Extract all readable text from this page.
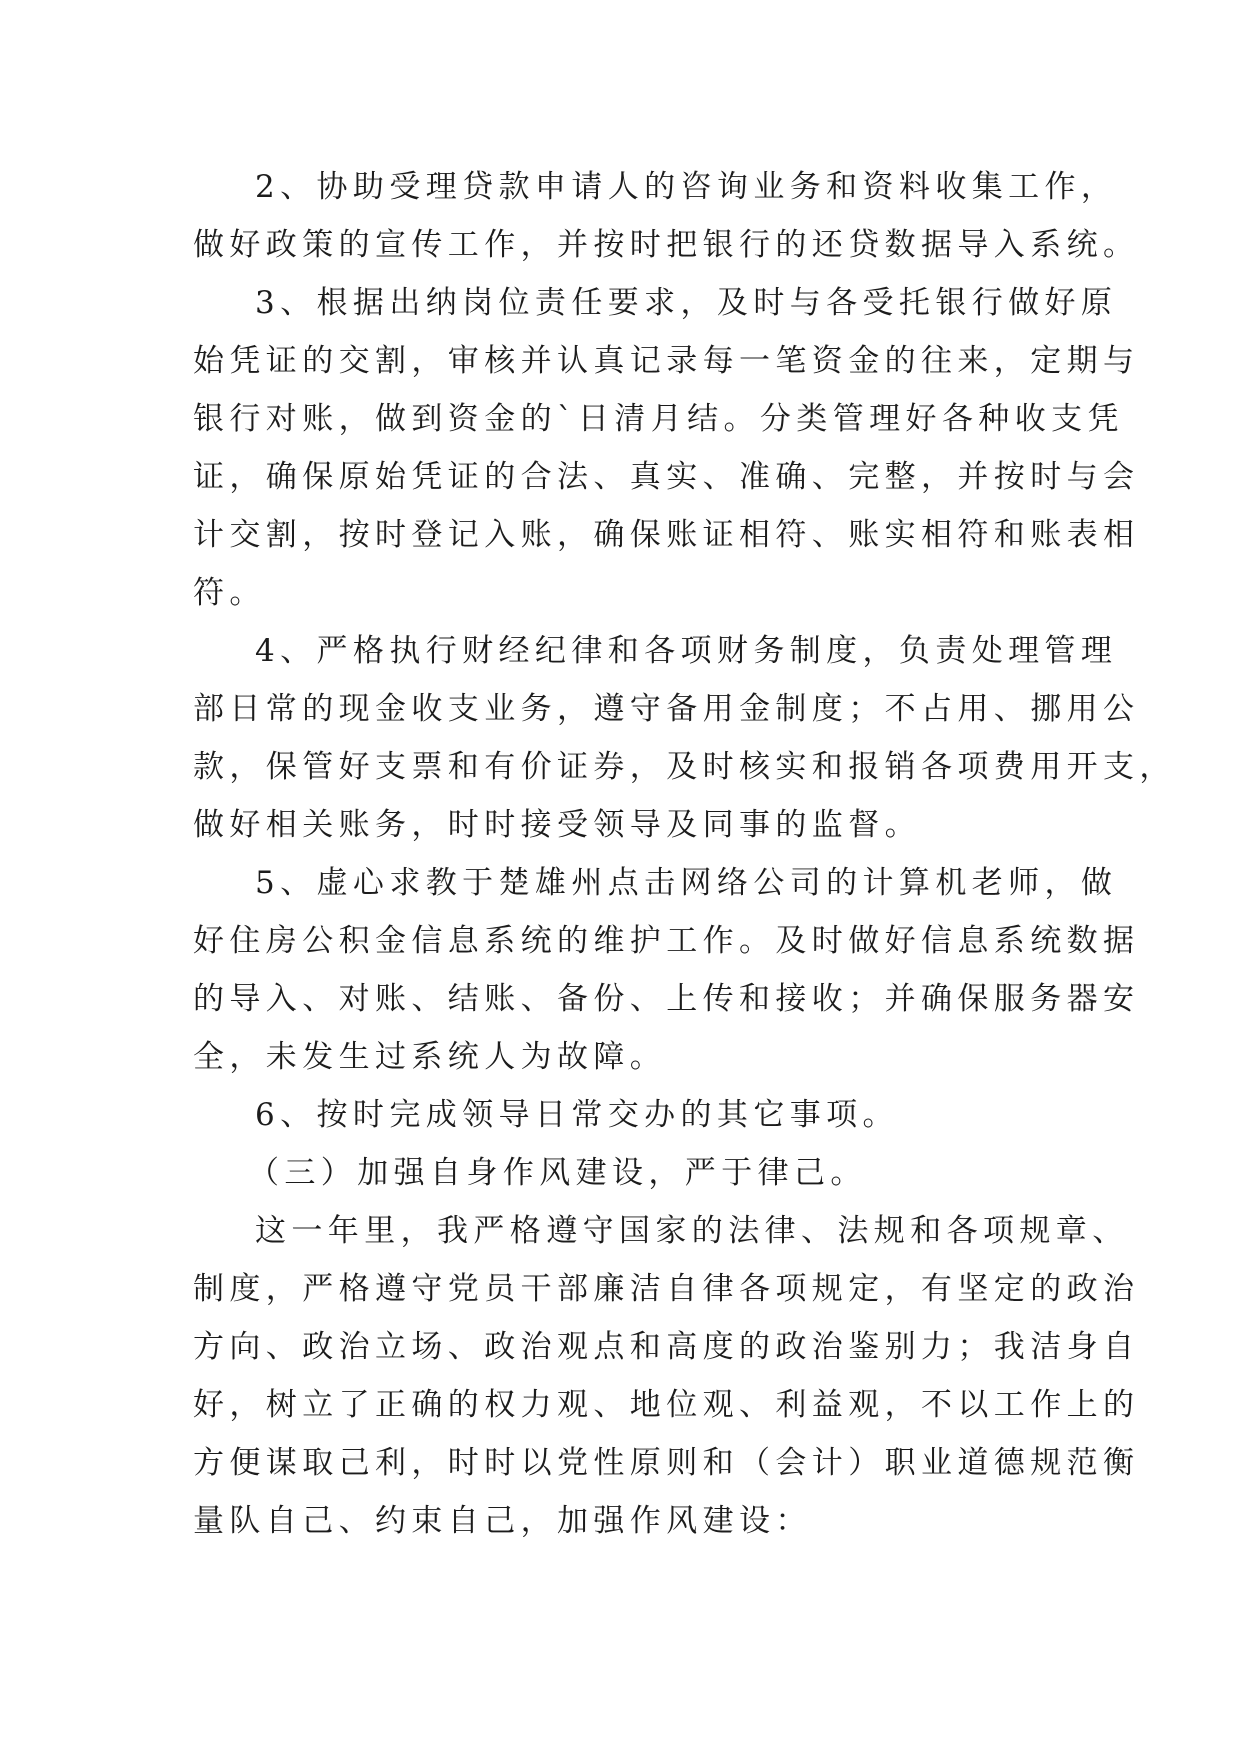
2、协助受理贷款申请人的咨询业务和资料收集工作，

做好政策的宣传工作，并按时把银行的还贷数据导入系统。

3、根据出纳岗位责任要求，及时与各受托银行做好原

始凭证的交割，审核并认真记录每一笔资金的往来，定期与

银行对账，做到资金的`日清月结。分类管理好各种收支凭

证，确保原始凭证的合法、真实、准确、完整，并按时与会

计交割，按时登记入账，确保账证相符、账实相符和账表相

符。

4、严格执行财经纪律和各项财务制度，负责处理管理

部日常的现金收支业务，遵守备用金制度；不占用、挪用公

款，保管好支票和有价证券，及时核实和报销各项费用开支，

做好相关账务，时时接受领导及同事的监督。

5、虚心求教于楚雄州点击网络公司的计算机老师，做

好住房公积金信息系统的维护工作。及时做好信息系统数据

的导入、对账、结账、备份、上传和接收；并确保服务器安

全，未发生过系统人为故障。

6、按时完成领导日常交办的其它事项。

（三）加强自身作风建设，严于律己。

这一年里，我严格遵守国家的法律、法规和各项规章、

制度，严格遵守党员干部廉洁自律各项规定，有坚定的政治

方向、政治立场、政治观点和高度的政治鉴别力；我洁身自

好，树立了正确的权力观、地位观、利益观，不以工作上的

方便谋取己利，时时以党性原则和（会计）职业道德规范衡

量队自己、约束自己，加强作风建设：
